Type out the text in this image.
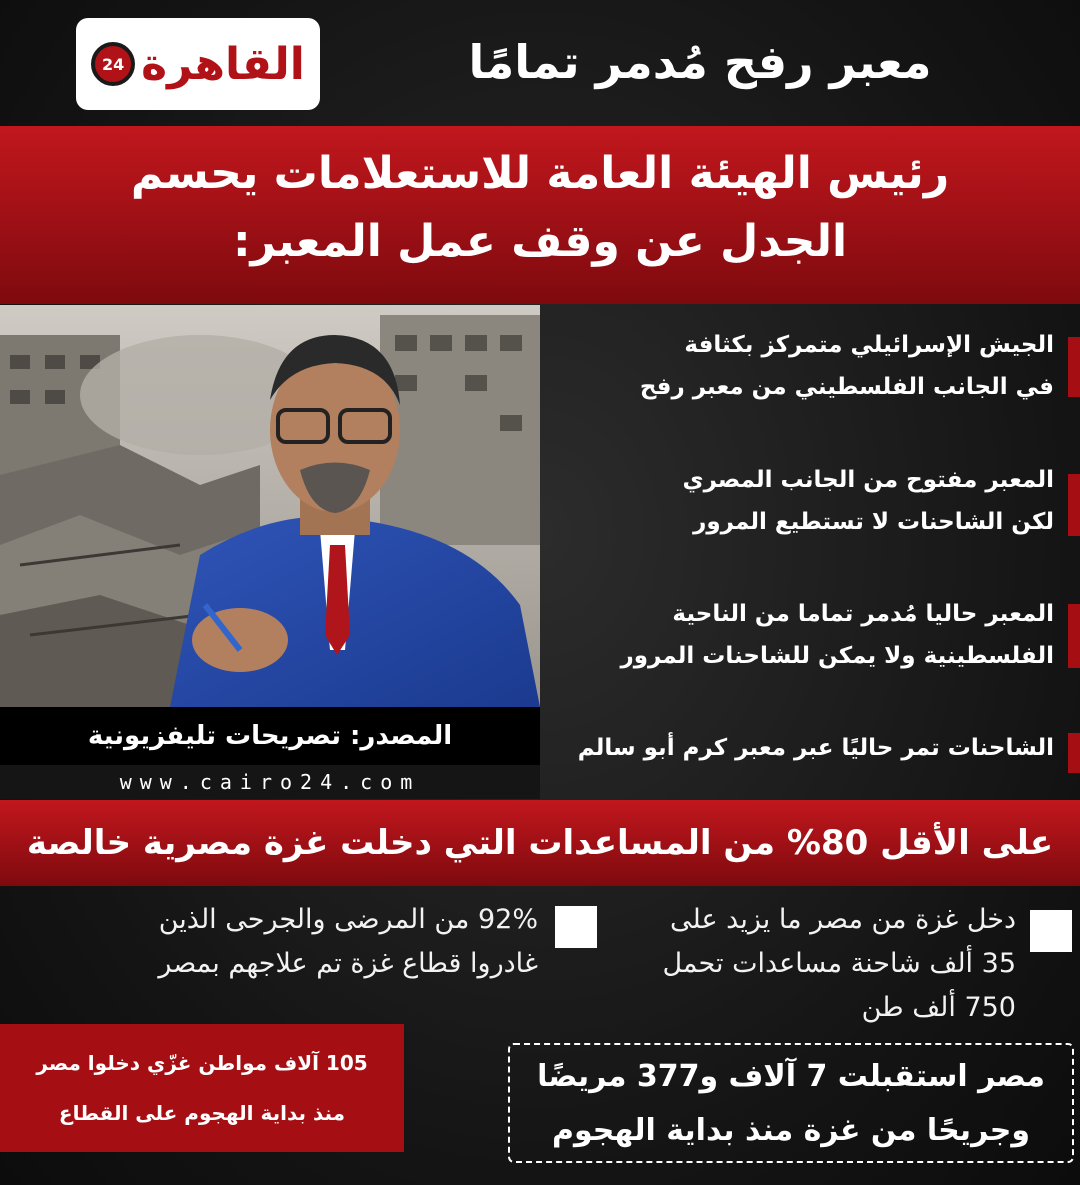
القاهرة
24	معبر رفح مُدمر تمامًا
رئيس الهيئة العامة للاستعلامات يحسم
الجدل عن وقف عمل المعبر:
المصدر: تصريحات تليفزيونية
www.cairo24.com
الجيش الإسرائيلي متمركز بكثافة
في الجانب الفلسطيني من معبر رفح
المعبر مفتوح من الجانب المصري
لكن الشاحنات لا تستطيع المرور
المعبر حاليا مُدمر تماما من الناحية
الفلسطينية ولا يمكن للشاحنات المرور
الشاحنات تمر حاليًا عبر معبر كرم أبو سالم
على الأقل 80% من المساعدات التي دخلت غزة مصرية خالصة
دخل غزة من مصر ما يزيد على
35 ألف شاحنة مساعدات تحمل
750 ألف طن
92% من المرضى والجرحى الذين
غادروا قطاع غزة تم علاجهم بمصر
105 آلاف مواطن غزّي دخلوا مصر
منذ بداية الهجوم على القطاع
مصر استقبلت 7 آلاف و377 مريضًا
وجريحًا من غزة منذ بداية الهجوم
